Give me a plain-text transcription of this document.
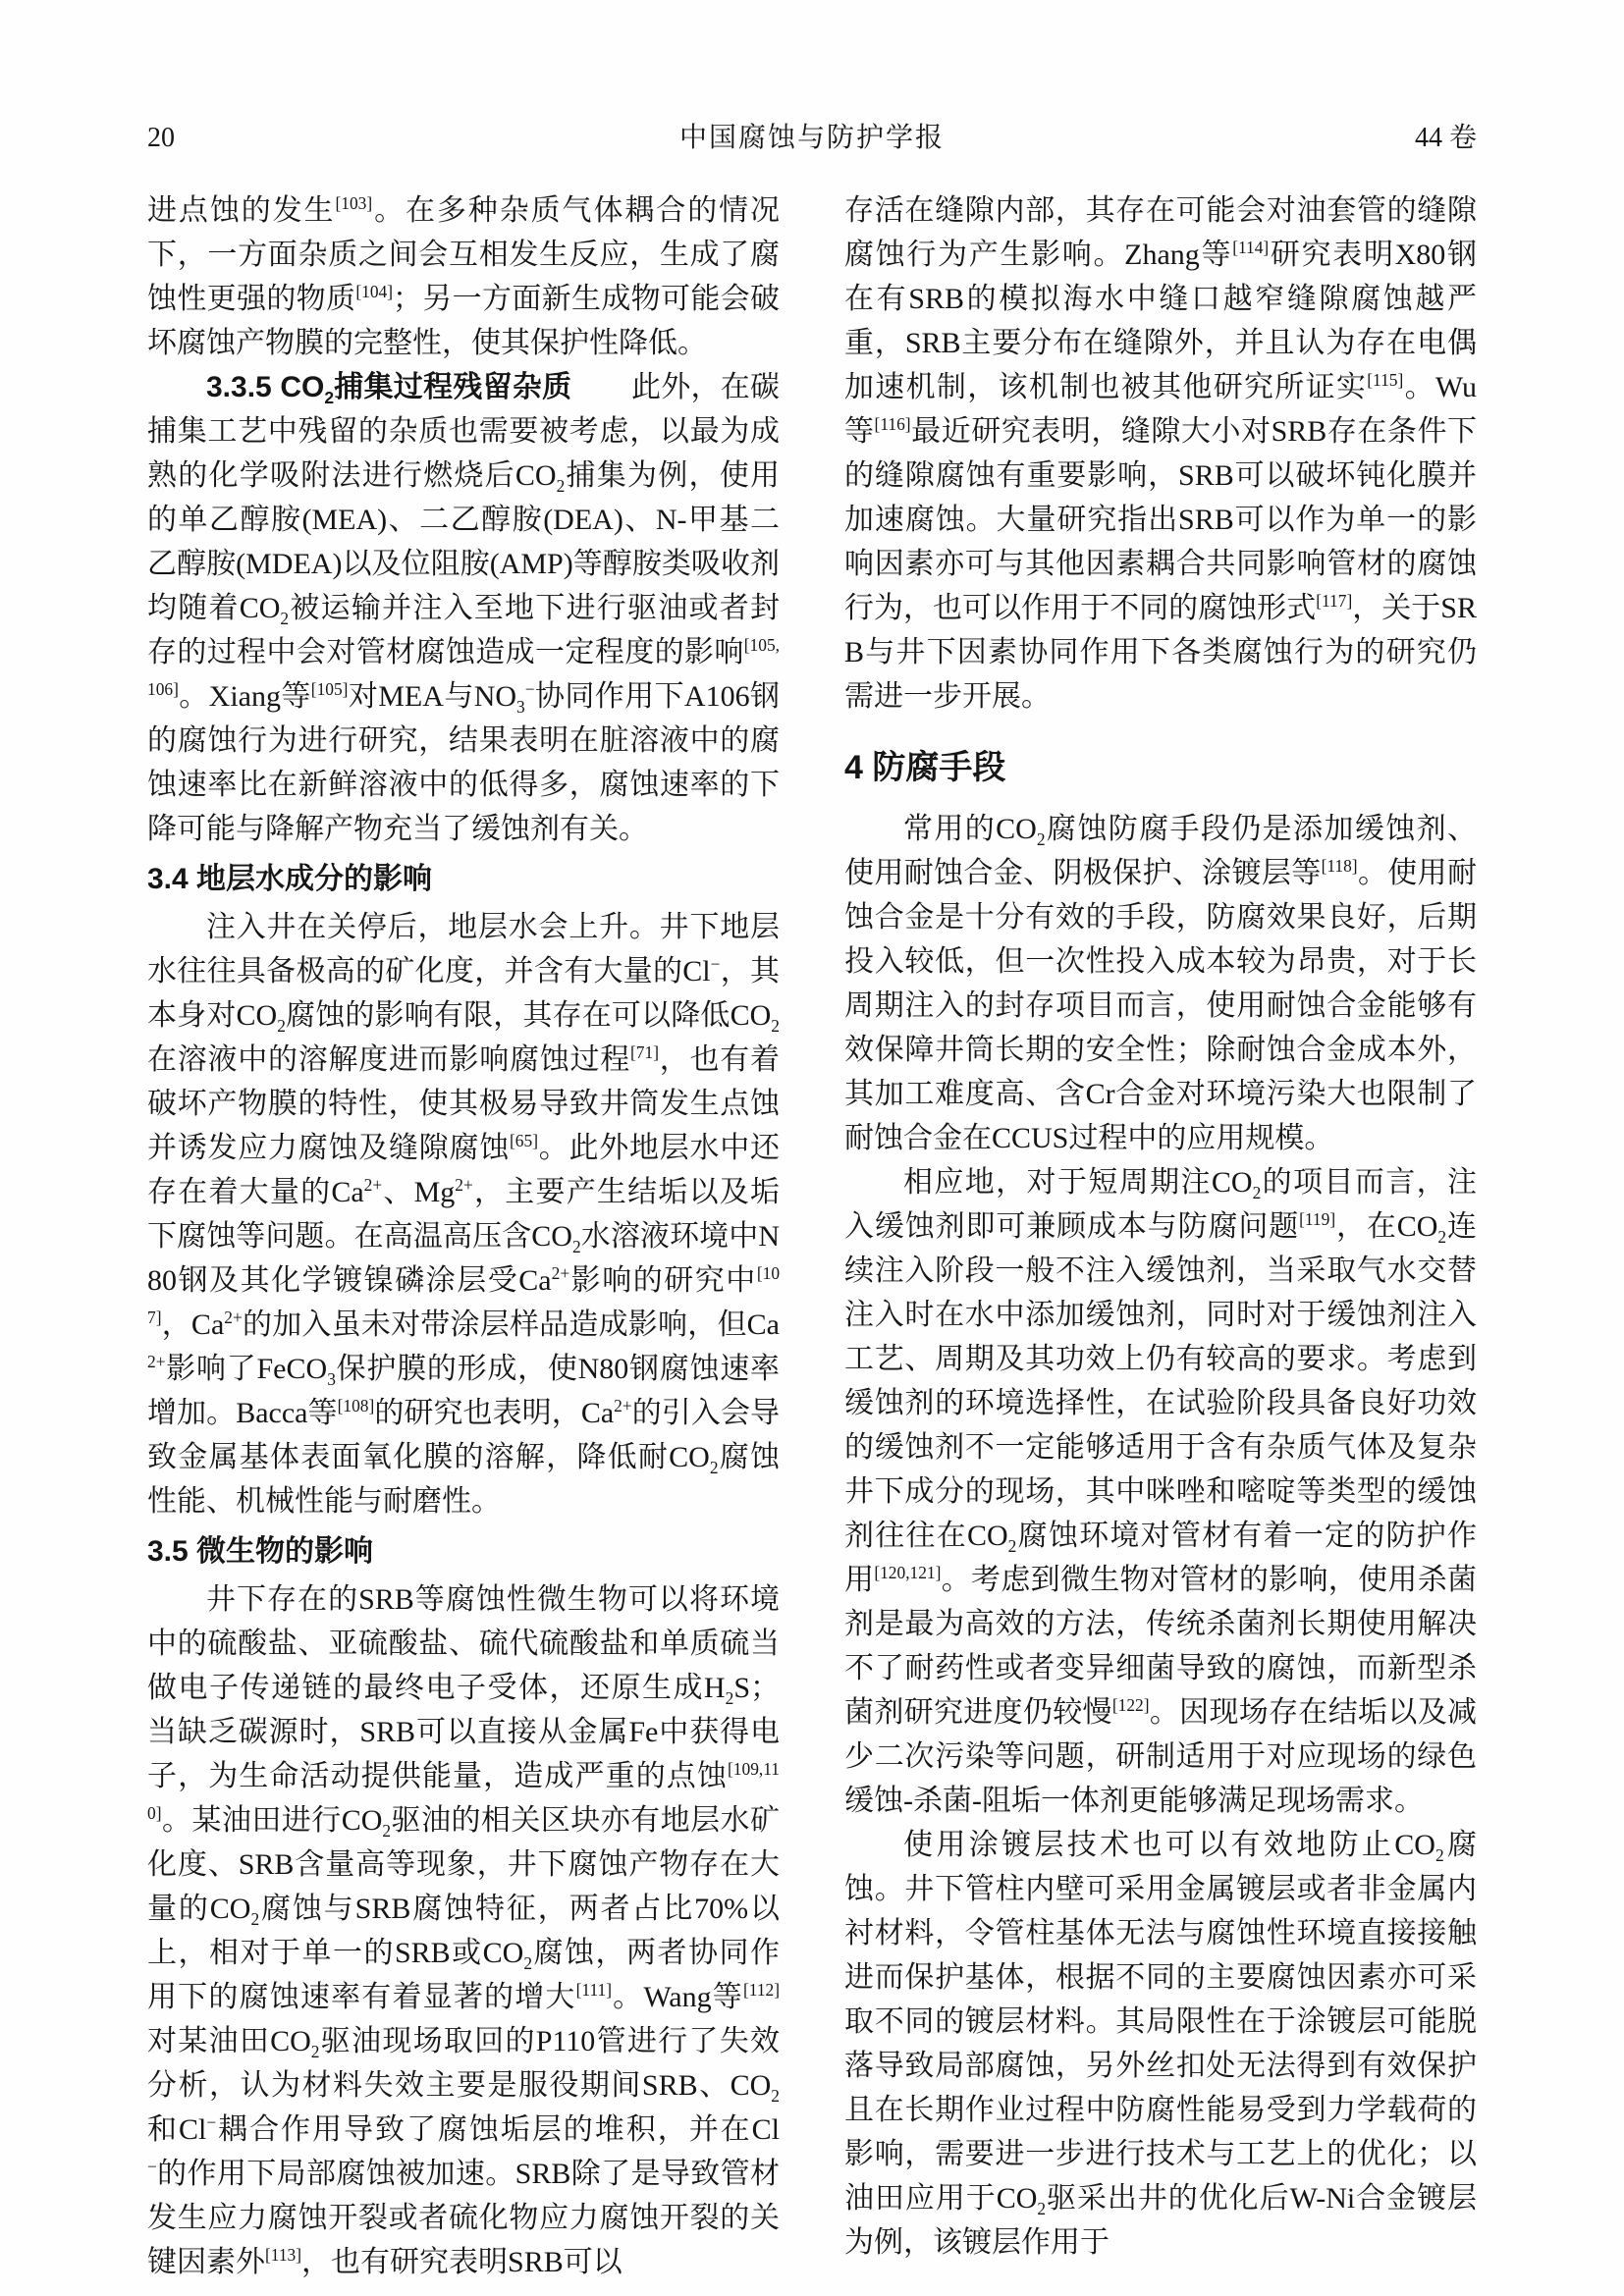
20	中国腐蚀与防护学报	44 卷

进点蚀的发生[103]。在多种杂质气体耦合的情况下，一方面杂质之间会互相发生反应，生成了腐蚀性更强的物质[104]；另一方面新生成物可能会破坏腐蚀产物膜的完整性，使其保护性降低。

3.3.5 $CO_2$捕集过程残留杂质　　此外，在碳捕集工艺中残留的杂质也需要被考虑，以最为成熟的化学吸附法进行燃烧后$CO_2$捕集为例，使用的单乙醇胺(MEA)、二乙醇胺(DEA)、N-甲基二乙醇胺(MDEA)以及位阻胺(AMP)等醇胺类吸收剂均随着$CO_2$被运输并注入至地下进行驱油或者封存的过程中会对管材腐蚀造成一定程度的影响[105,106]。Xiang等[105]对MEA与$NO_3^-$协同作用下A106钢的腐蚀行为进行研究，结果表明在脏溶液中的腐蚀速率比在新鲜溶液中的低得多，腐蚀速率的下降可能与降解产物充当了缓蚀剂有关。

3.4 地层水成分的影响

注入井在关停后，地层水会上升。井下地层水往往具备极高的矿化度，并含有大量的Cl−，其本身对$CO_2$腐蚀的影响有限，其存在可以降低$CO_2$在溶液中的溶解度进而影响腐蚀过程[71]，也有着破坏产物膜的特性，使其极易导致井筒发生点蚀并诱发应力腐蚀及缝隙腐蚀[65]。此外地层水中还存在着大量的$Ca^{2+}$、$Mg^{2+}$，主要产生结垢以及垢下腐蚀等问题。在高温高压含$CO_2$水溶液环境中N80钢及其化学镀镍磷涂层受$Ca^{2+}$影响的研究中[107]，$Ca^{2+}$的加入虽未对带涂层样品造成影响，但$Ca^{2+}$影响了FeCO$_3$保护膜的形成，使N80钢腐蚀速率增加。Bacca等[108]的研究也表明，$Ca^{2+}$的引入会导致金属基体表面氧化膜的溶解，降低耐$CO_2$腐蚀性能、机械性能与耐磨性。

3.5 微生物的影响

井下存在的SRB等腐蚀性微生物可以将环境中的硫酸盐、亚硫酸盐、硫代硫酸盐和单质硫当做电子传递链的最终电子受体，还原生成$H_2S$；当缺乏碳源时，SRB可以直接从金属Fe中获得电子，为生命活动提供能量，造成严重的点蚀[109,110]。某油田进行$CO_2$驱油的相关区块亦有地层水矿化度、SRB含量高等现象，井下腐蚀产物存在大量的$CO_2$腐蚀与SRB腐蚀特征，两者占比70%以上，相对于单一的SRB或$CO_2$腐蚀，两者协同作用下的腐蚀速率有着显著的增大[111]。Wang等[112]对某油田$CO_2$驱油现场取回的P110管进行了失效分析，认为材料失效主要是服役期间SRB、$CO_2$和Cl−耦合作用导致了腐蚀垢层的堆积，并在Cl−的作用下局部腐蚀被加速。SRB除了是导致管材发生应力腐蚀开裂或者硫化物应力腐蚀开裂的关键因素外[113]，也有研究表明SRB可以

存活在缝隙内部，其存在可能会对油套管的缝隙腐蚀行为产生影响。Zhang等[114]研究表明X80钢在有SRB的模拟海水中缝口越窄缝隙腐蚀越严重，SRB主要分布在缝隙外，并且认为存在电偶加速机制，该机制也被其他研究所证实[115]。Wu等[116]最近研究表明，缝隙大小对SRB存在条件下的缝隙腐蚀有重要影响，SRB可以破坏钝化膜并加速腐蚀。大量研究指出SRB可以作为单一的影响因素亦可与其他因素耦合共同影响管材的腐蚀行为，也可以作用于不同的腐蚀形式[117]，关于SRB与井下因素协同作用下各类腐蚀行为的研究仍需进一步开展。

4 防腐手段

常用的$CO_2$腐蚀防腐手段仍是添加缓蚀剂、使用耐蚀合金、阴极保护、涂镀层等[118]。使用耐蚀合金是十分有效的手段，防腐效果良好，后期投入较低，但一次性投入成本较为昂贵，对于长周期注入的封存项目而言，使用耐蚀合金能够有效保障井筒长期的安全性；除耐蚀合金成本外，其加工难度高、含Cr合金对环境污染大也限制了耐蚀合金在CCUS过程中的应用规模。

相应地，对于短周期注$CO_2$的项目而言，注入缓蚀剂即可兼顾成本与防腐问题[119]，在$CO_2$连续注入阶段一般不注入缓蚀剂，当采取气水交替注入时在水中添加缓蚀剂，同时对于缓蚀剂注入工艺、周期及其功效上仍有较高的要求。考虑到缓蚀剂的环境选择性，在试验阶段具备良好功效的缓蚀剂不一定能够适用于含有杂质气体及复杂井下成分的现场，其中咪唑和嘧啶等类型的缓蚀剂往往在$CO_2$腐蚀环境对管材有着一定的防护作用[120,121]。考虑到微生物对管材的影响，使用杀菌剂是最为高效的方法，传统杀菌剂长期使用解决不了耐药性或者变异细菌导致的腐蚀，而新型杀菌剂研究进度仍较慢[122]。因现场存在结垢以及减少二次污染等问题，研制适用于对应现场的绿色缓蚀-杀菌-阻垢一体剂更能够满足现场需求。

使用涂镀层技术也可以有效地防止$CO_2$腐蚀。井下管柱内壁可采用金属镀层或者非金属内衬材料，令管柱基体无法与腐蚀性环境直接接触进而保护基体，根据不同的主要腐蚀因素亦可采取不同的镀层材料。其局限性在于涂镀层可能脱落导致局部腐蚀，另外丝扣处无法得到有效保护且在长期作业过程中防腐性能易受到力学载荷的影响，需要进一步进行技术与工艺上的优化；以油田应用于$CO_2$驱采出井的优化后W-Ni合金镀层为例，该镀层作用于
